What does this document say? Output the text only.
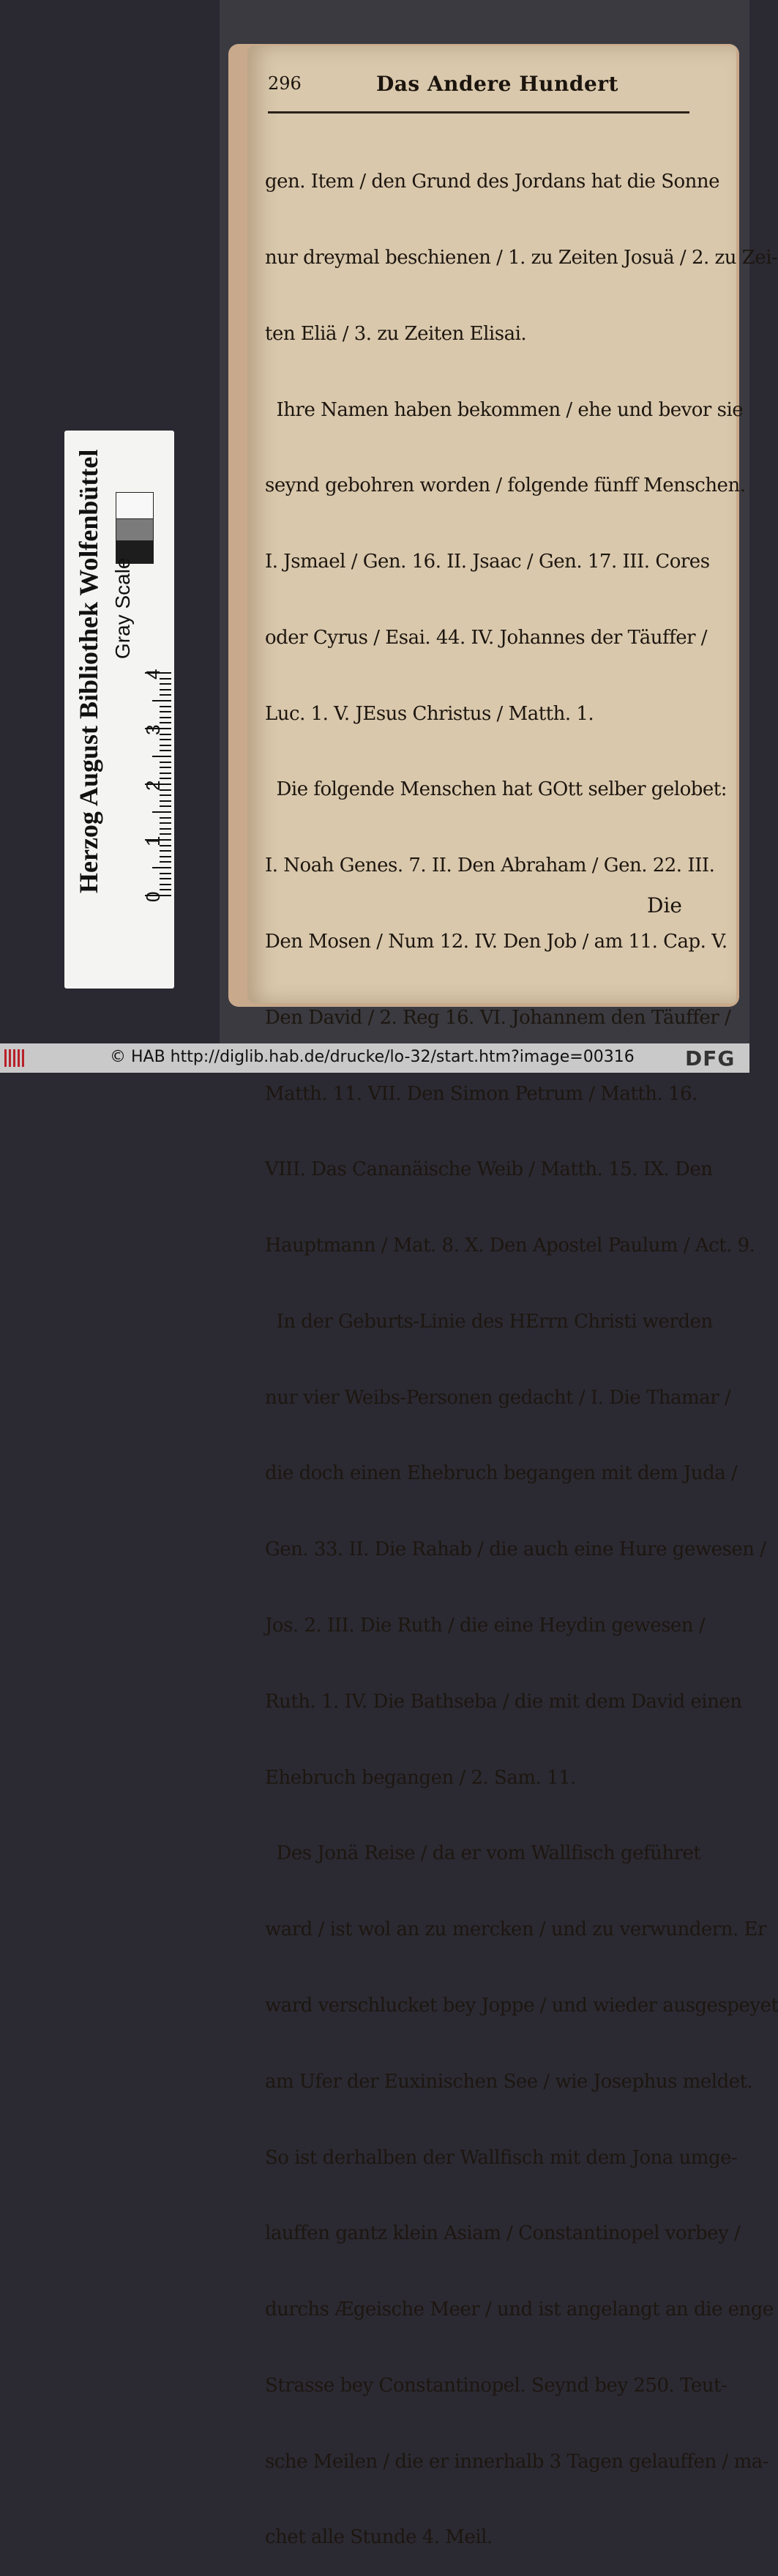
296	Das Andere Hundert

gen. Item / den Grund des Jordans hat die Sonne

nur dreymal beschienen / 1. zu Zeiten Josuä / 2. zu Zei-

ten Eliä / 3. zu Zeiten Elisai.

Ihre Namen haben bekommen / ehe und bevor sie

seynd gebohren worden / folgende fünff Menschen.

I. Jsmael / Gen. 16. II. Jsaac / Gen. 17. III. Cores

oder Cyrus / Esai. 44. IV. Johannes der Täuffer /

Luc. 1. V. JEsus Christus / Matth. 1.

Die folgende Menschen hat GOtt selber gelobet:

I. Noah Genes. 7. II. Den Abraham / Gen. 22. III.

Den Mosen / Num 12. IV. Den Job / am 11. Cap. V.

Den David / 2. Reg 16. VI. Johannem den Täuffer /

Matth. 11. VII. Den Simon Petrum / Matth. 16.

VIII. Das Cananäische Weib / Matth. 15. IX. Den

Hauptmann / Mat. 8. X. Den Apostel Paulum / Act. 9.

In der Geburts-Linie des HErrn Christi werden

nur vier Weibs-Personen gedacht / I. Die Thamar /

die doch einen Ehebruch begangen mit dem Juda /

Gen. 33. II. Die Rahab / die auch eine Hure gewesen /

Jos. 2. III. Die Ruth / die eine Heydin gewesen /

Ruth. 1. IV. Die Bathseba / die mit dem David einen

Ehebruch begangen / 2. Sam. 11.

Des Jonä Reise / da er vom Wallfisch geführet

ward / ist wol an zu mercken / und zu verwundern. Er

ward verschlucket bey Joppe / und wieder ausgespeyet

am Ufer der Euxinischen See / wie Josephus meldet.

So ist derhalben der Wallfisch mit dem Jona umge-

lauffen gantz klein Asiam / Constantinopel vorbey /

durchs Ægeische Meer / und ist angelangt an die enge

Strasse bey Constantinopel. Seynd bey 250. Teut-

sche Meilen / die er innerhalb 3 Tagen gelauffen / ma-

chet alle Stunde 4. Meil.

Die
Herzog August Bibliothek Wolfenbüttel Gray Scale
0
1
2
3
4
© HAB http://diglib.hab.de/drucke/lo-32/start.htm?image=00316 DFG
